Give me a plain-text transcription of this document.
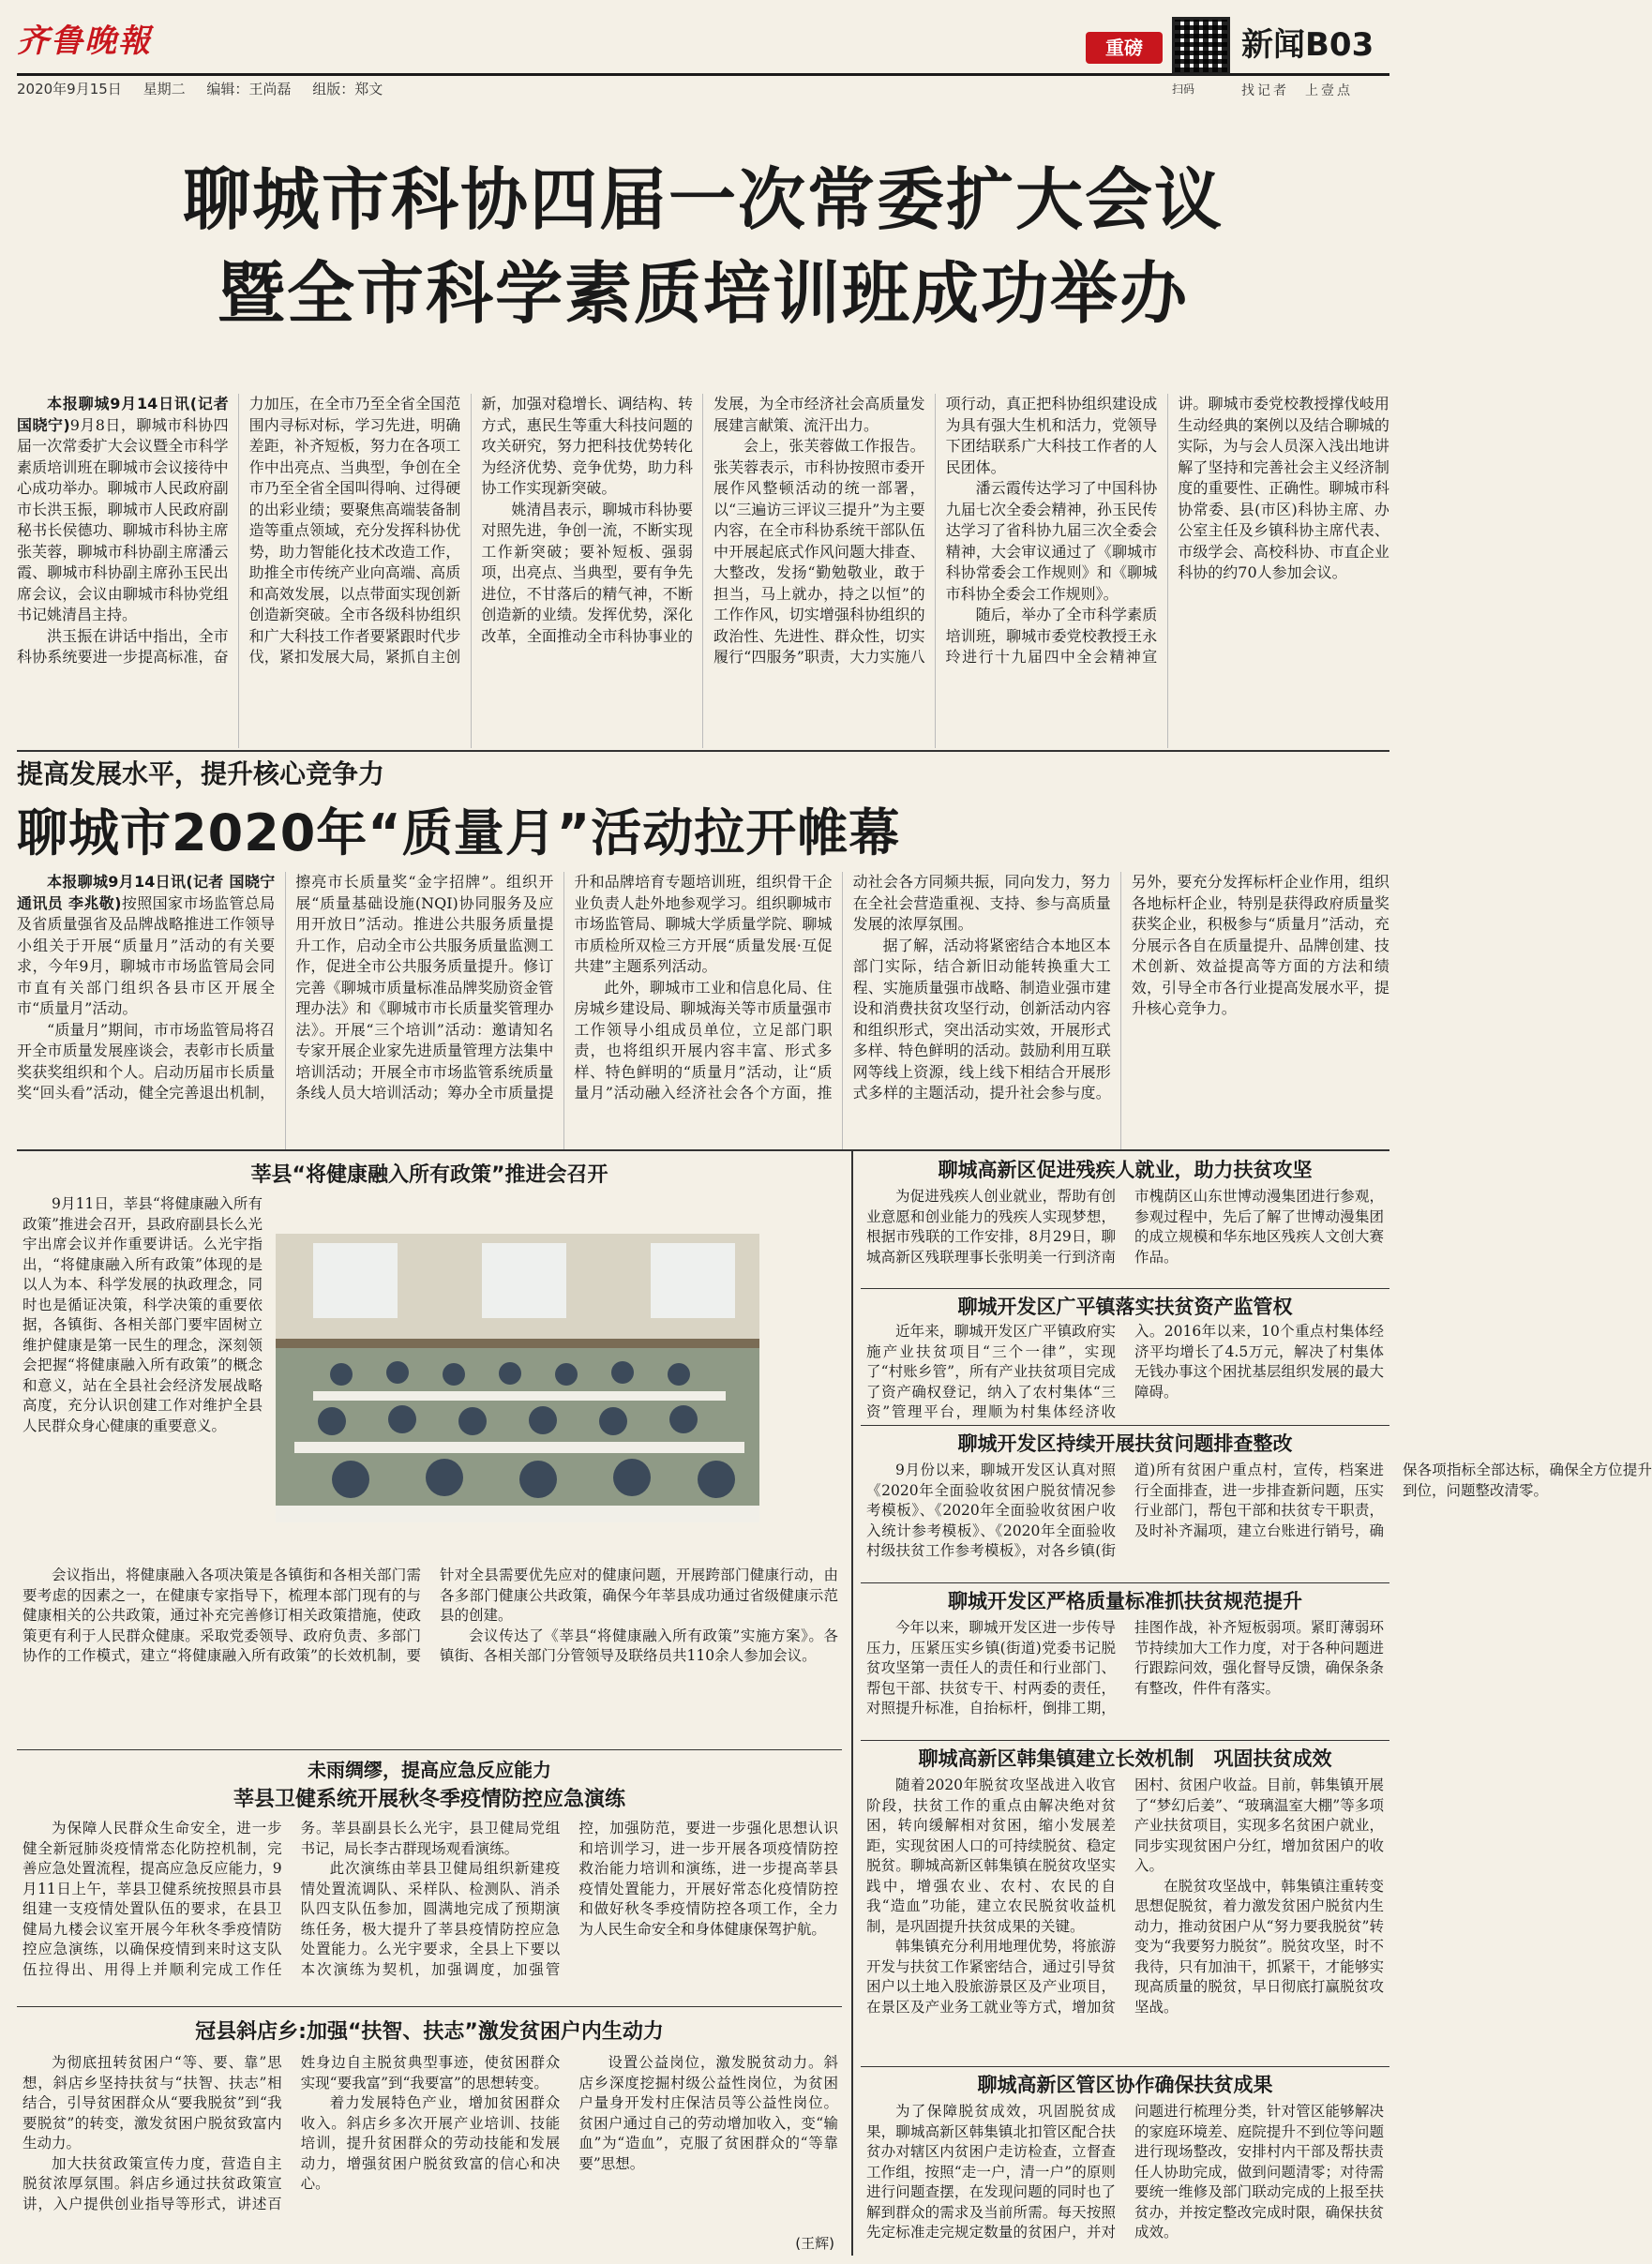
齐鲁晚報
2020年9月15日 星期二 编辑：王尚磊 组版：郑文
重磅
扫码
新闻B03
找记者　上壹点
聊城市科协四届一次常委扩大会议
暨全市科学素质培训班成功举办

本报聊城9月14日讯(记者 国晓宁)9月8日，聊城市科协四届一次常委扩大会议暨全市科学素质培训班在聊城市会议接待中心成功举办。聊城市人民政府副市长洪玉振，聊城市人民政府副秘书长侯德功、聊城市科协主席张芙蓉，聊城市科协副主席潘云霞、聊城市科协副主席孙玉民出席会议，会议由聊城市科协党组书记姚清昌主持。

洪玉振在讲话中指出，全市科协系统要进一步提高标准，奋力加压，在全市乃至全省全国范围内寻标对标，学习先进，明确差距，补齐短板，努力在各项工作中出亮点、当典型，争创在全市乃至全省全国叫得响、过得硬的出彩业绩；要聚焦高端装备制造等重点领域，充分发挥科协优势，助力智能化技术改造工作，助推全市传统产业向高端、高质和高效发展，以点带面实现创新创造新突破。全市各级科协组织和广大科技工作者要紧跟时代步伐，紧扣发展大局，紧抓自主创新，加强对稳增长、调结构、转方式，惠民生等重大科技问题的攻关研究，努力把科技优势转化为经济优势、竞争优势，助力科协工作实现新突破。

姚清昌表示，聊城市科协要对照先进，争创一流，不断实现工作新突破；要补短板、强弱项，出亮点、当典型，要有争先进位，不甘落后的精气神，不断创造新的业绩。发挥优势，深化改革，全面推动全市科协事业的发展，为全市经济社会高质量发展建言献策、流汗出力。

会上，张芙蓉做工作报告。张芙蓉表示，市科协按照市委开展作风整顿活动的统一部署，以“三遍访三评议三提升”为主要内容，在全市科协系统干部队伍中开展起底式作风问题大排查、大整改，发扬“勤勉敬业，敢于担当，马上就办，持之以恒”的工作作风，切实增强科协组织的政治性、先进性、群众性，切实履行“四服务”职责，大力实施八项行动，真正把科协组织建设成为具有强大生机和活力，党领导下团结联系广大科技工作者的人民团体。

潘云霞传达学习了中国科协九届七次全委会精神，孙玉民传达学习了省科协九届三次全委会精神，大会审议通过了《聊城市科协常委会工作规则》和《聊城市科协全委会工作规则》。

随后，举办了全市科学素质培训班，聊城市委党校教授王永玲进行十九届四中全会精神宣讲。聊城市委党校教授撑伐岐用生动经典的案例以及结合聊城的实际，为与会人员深入浅出地讲解了坚持和完善社会主义经济制度的重要性、正确性。聊城市科协常委、县(市区)科协主席、办公室主任及乡镇科协主席代表、市级学会、高校科协、市直企业科协的约70人参加会议。

提高发展水平，提升核心竞争力
聊城市2020年“质量月”活动拉开帷幕

本报聊城9月14日讯(记者 国晓宁 通讯员 李兆敬)按照国家市场监管总局及省质量强省及品牌战略推进工作领导小组关于开展“质量月”活动的有关要求，今年9月，聊城市市场监管局会同市直有关部门组织各县市区开展全市“质量月”活动。

“质量月”期间，市市场监管局将召开全市质量发展座谈会，表彰市长质量奖获奖组织和个人。启动历届市长质量奖“回头看”活动，健全完善退出机制，擦亮市长质量奖“金字招牌”。组织开展“质量基础设施(NQI)协同服务及应用开放日”活动。推进公共服务质量提升工作，启动全市公共服务质量监测工作，促进全市公共服务质量提升。修订完善《聊城市质量标准品牌奖励资金管理办法》和《聊城市市长质量奖管理办法》。开展“三个培训”活动：邀请知名专家开展企业家先进质量管理方法集中培训活动；开展全市市场监管系统质量条线人员大培训活动；筹办全市质量提升和品牌培育专题培训班，组织骨干企业负责人赴外地参观学习。组织聊城市市场监管局、聊城大学质量学院、聊城市质检所双检三方开展“质量发展·互促共建”主题系列活动。

此外，聊城市工业和信息化局、住房城乡建设局、聊城海关等市质量强市工作领导小组成员单位，立足部门职责，也将组织开展内容丰富、形式多样、特色鲜明的“质量月”活动，让“质量月”活动融入经济社会各个方面，推动社会各方同频共振，同向发力，努力在全社会营造重视、支持、参与高质量发展的浓厚氛围。

据了解，活动将紧密结合本地区本部门实际，结合新旧动能转换重大工程、实施质量强市战略、制造业强市建设和消费扶贫攻坚行动，创新活动内容和组织形式，突出活动实效，开展形式多样、特色鲜明的活动。鼓励利用互联网等线上资源，线上线下相结合开展形式多样的主题活动，提升社会参与度。另外，要充分发挥标杆企业作用，组织各地标杆企业，特别是获得政府质量奖获奖企业，积极参与“质量月”活动，充分展示各自在质量提升、品牌创建、技术创新、效益提高等方面的方法和绩效，引导全市各行业提高发展水平，提升核心竞争力。

莘县“将健康融入所有政策”推进会召开

9月11日，莘县“将健康融入所有政策”推进会召开，县政府副县长么光宇出席会议并作重要讲话。么光宇指出，“将健康融入所有政策”体现的是以人为本、科学发展的执政理念，同时也是循证决策，科学决策的重要依据，各镇街、各相关部门要牢固树立维护健康是第一民生的理念，深刻领会把握“将健康融入所有政策”的概念和意义，站在全县社会经济发展战略高度，充分认识创建工作对维护全县人民群众身心健康的重要意义。

会议指出，将健康融入各项决策是各镇街和各相关部门需要考虑的因素之一，在健康专家指导下，梳理本部门现有的与健康相关的公共政策，通过补充完善修订相关政策措施，使政策更有利于人民群众健康。采取党委领导、政府负责、多部门协作的工作模式，建立“将健康融入所有政策”的长效机制，要针对全县需要优先应对的健康问题，开展跨部门健康行动，由各多部门健康公共政策，确保今年莘县成功通过省级健康示范县的创建。

会议传达了《莘县“将健康融入所有政策”实施方案》。各镇街、各相关部门分管领导及联络员共110余人参加会议。

未雨绸缪，提高应急反应能力
莘县卫健系统开展秋冬季疫情防控应急演练

为保障人民群众生命安全，进一步健全新冠肺炎疫情常态化防控机制，完善应急处置流程，提高应急反应能力，9月11日上午，莘县卫健系统按照县市县组建一支疫情处置队伍的要求，在县卫健局九楼会议室开展今年秋冬季疫情防控应急演练，以确保疫情到来时这支队伍拉得出、用得上并顺利完成工作任务。莘县副县长么光宇，县卫健局党组书记，局长李古群现场观看演练。

此次演练由莘县卫健局组织新建疫情处置流调队、采样队、检测队、消杀队四支队伍参加，圆满地完成了预期演练任务，极大提升了莘县疫情防控应急处置能力。么光宇要求，全县上下要以本次演练为契机，加强调度，加强管控，加强防范，要进一步强化思想认识和培训学习，进一步开展各项疫情防控救治能力培训和演练，进一步提高莘县疫情处置能力，开展好常态化疫情防控和做好秋冬季疫情防控各项工作，全力为人民生命安全和身体健康保驾护航。

冠县斜店乡:加强“扶智、扶志”激发贫困户内生动力

为彻底扭转贫困户“等、要、靠”思想，斜店乡坚持扶贫与“扶智、扶志”相结合，引导贫困群众从“要我脱贫”到“我要脱贫”的转变，激发贫困户脱贫致富内生动力。

加大扶贫政策宣传力度，营造自主脱贫浓厚氛围。斜店乡通过扶贫政策宣讲，入户提供创业指导等形式，讲述百姓身边自主脱贫典型事迹，使贫困群众实现“要我富”到“我要富”的思想转变。

着力发展特色产业，增加贫困群众收入。斜店乡多次开展产业培训、技能培训，提升贫困群众的劳动技能和发展动力，增强贫困户脱贫致富的信心和决心。

设置公益岗位，激发脱贫动力。斜店乡深度挖掘村级公益性岗位，为贫困户量身开发村庄保洁员等公益性岗位。贫困户通过自己的劳动增加收入，变“输血”为“造血”，克服了贫困群众的“等靠要”思想。

(王辉)
聊城高新区促进残疾人就业，助力扶贫攻坚

为促进残疾人创业就业，帮助有创业意愿和创业能力的残疾人实现梦想，根据市残联的工作安排，8月29日，聊城高新区残联理事长张明美一行到济南市槐荫区山东世博动漫集团进行参观，参观过程中，先后了解了世博动漫集团的成立规模和华东地区残疾人文创大赛作品。

聊城开发区广平镇落实扶贫资产监管权

近年来，聊城开发区广平镇政府实施产业扶贫项目“三个一律”，实现了“村账乡管”，所有产业扶贫项目完成了资产确权登记，纳入了农村集体“三资”管理平台，理顺为村集体经济收入。2016年以来，10个重点村集体经济平均增长了4.5万元，解决了村集体无钱办事这个困扰基层组织发展的最大障碍。

聊城开发区持续开展扶贫问题排查整改

9月份以来，聊城开发区认真对照《2020年全面验收贫困户脱贫情况参考模板》、《2020年全面验收贫困户收入统计参考模板》、《2020年全面验收村级扶贫工作参考模板》，对各乡镇(街道)所有贫困户重点村，宣传，档案进行全面排查，进一步排查新问题，压实行业部门，帮包干部和扶贫专干职责，及时补齐漏项，建立台账进行销号，确保各项指标全部达标，确保全方位提升到位，问题整改清零。

聊城开发区严格质量标准抓扶贫规范提升

今年以来，聊城开发区进一步传导压力，压紧压实乡镇(街道)党委书记脱贫攻坚第一责任人的责任和行业部门、帮包干部、扶贫专干、村两委的责任，对照提升标准，自抬标杆，倒排工期，挂图作战，补齐短板弱项。紧盯薄弱环节持续加大工作力度，对于各种问题进行跟踪问效，强化督导反馈，确保条条有整改，件件有落实。

聊城高新区韩集镇建立长效机制　巩固扶贫成效

随着2020年脱贫攻坚战进入收官阶段，扶贫工作的重点由解决绝对贫困，转向缓解相对贫困，缩小发展差距，实现贫困人口的可持续脱贫、稳定脱贫。聊城高新区韩集镇在脱贫攻坚实践中，增强农业、农村、农民的自我“造血”功能，建立农民脱贫收益机制，是巩固提升扶贫成果的关键。

韩集镇充分利用地理优势，将旅游开发与扶贫工作紧密结合，通过引导贫困户以土地入股旅游景区及产业项目，在景区及产业务工就业等方式，增加贫困村、贫困户收益。目前，韩集镇开展了“梦幻后姜”、“玻璃温室大棚”等多项产业扶贫项目，实现多名贫困户就业，同步实现贫困户分红，增加贫困户的收入。

在脱贫攻坚战中，韩集镇注重转变思想促脱贫，着力激发贫困户脱贫内生动力，推动贫困户从“努力要我脱贫”转变为“我要努力脱贫”。脱贫攻坚，时不我待，只有加油干，抓紧干，才能够实现高质量的脱贫，早日彻底打赢脱贫攻坚战。

聊城高新区管区协作确保扶贫成果

为了保障脱贫成效，巩固脱贫成果，聊城高新区韩集镇北扣管区配合扶贫办对辖区内贫困户走访检查，立督查工作组，按照“走一户，清一户”的原则进行问题查摆，在发现问题的同时也了解到群众的需求及当前所需。每天按照先定标准走完规定数量的贫困户，并对问题进行梳理分类，针对管区能够解决的家庭环境差、庭院提升不到位等问题进行现场整改，安排村内干部及帮扶责任人协助完成，做到问题清零；对待需要统一维修及部门联动完成的上报至扶贫办，并按定整改完成时限，确保扶贫成效。
